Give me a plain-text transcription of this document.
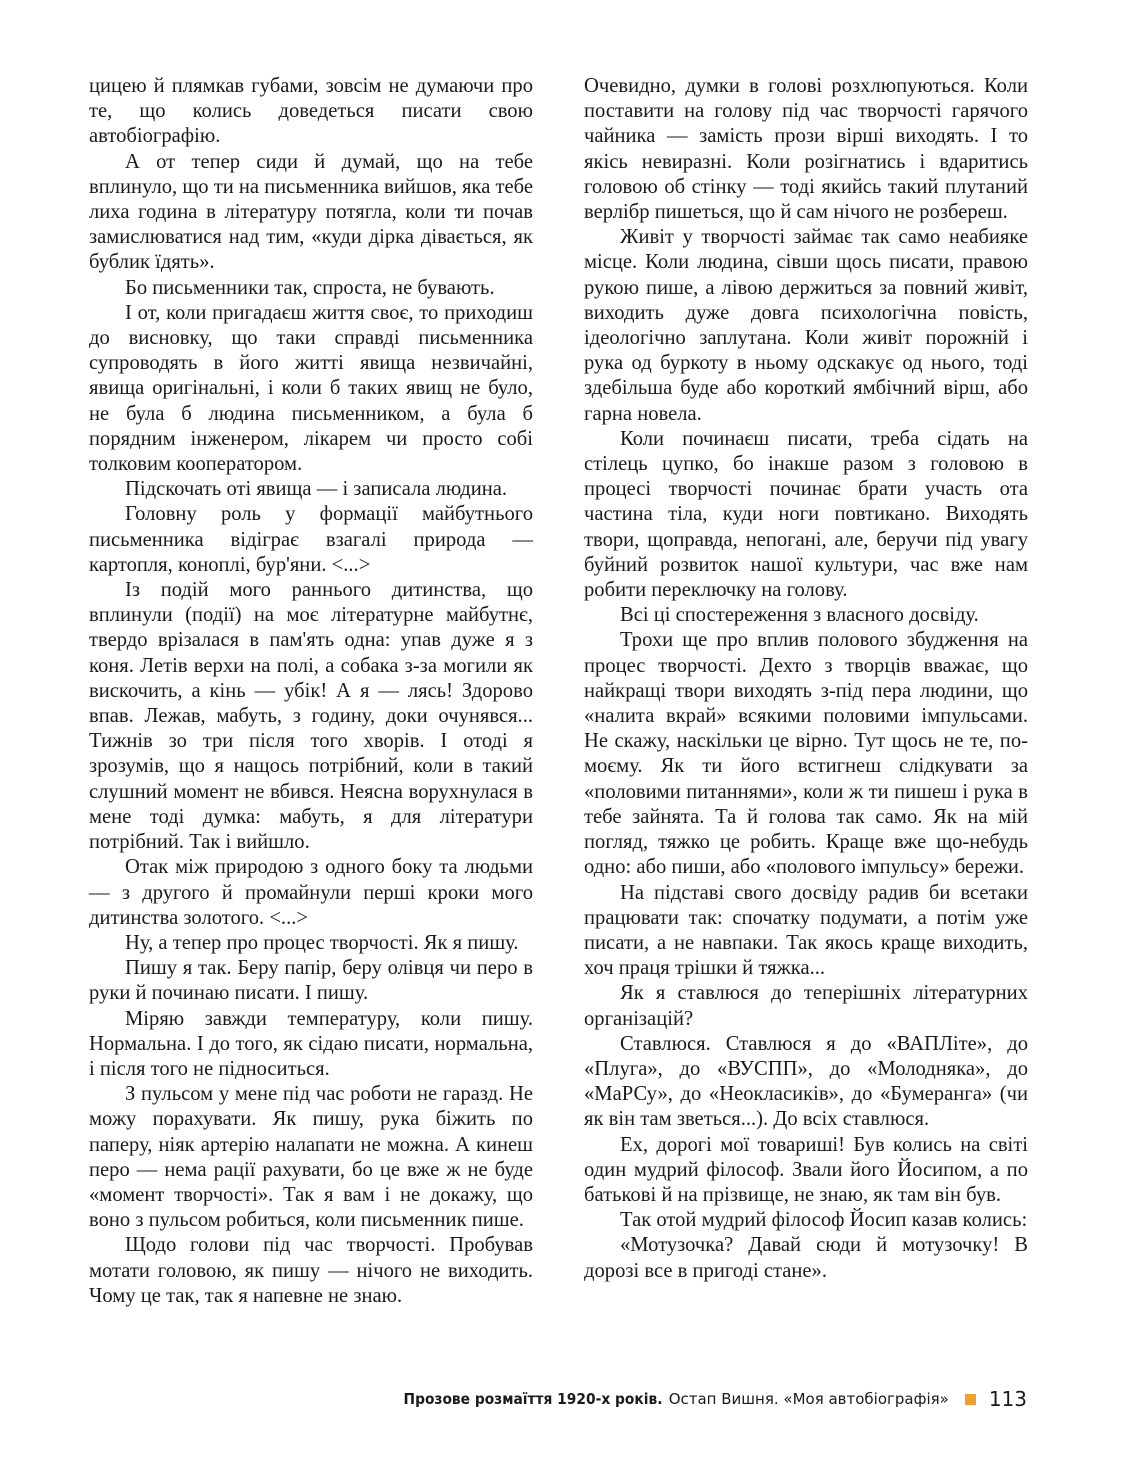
цицею й плямкав губами, зовсім не думаючи про те, що колись доведеться писати свою автобіографію.

А от тепер сиди й думай, що на тебе вплинуло, що ти на письменника вийшов, яка тебе лиха година в літературу потягла, коли ти почав замислюватися над тим, «куди дірка дівається, як бублик їдять».

Бо письменники так, спроста, не бувають.

І от, коли пригадаєш життя своє, то приходиш до висновку, що таки справді письменника супроводять в його житті явища незвичайні, явища оригінальні, і коли б таких явищ не було, не була б людина письменником, а була б порядним інженером, лікарем чи просто собі толковим кооператором.

Підскочать оті явища — і записала людина.

Головну роль у формації майбутнього письменника відіграє взагалі природа — картопля, коноплі, бур'яни. <...>

Із подій мого раннього дитинства, що вплинули (події) на моє літературне майбутнє, твердо врізалася в пам'ять одна: упав дуже я з коня. Летів верхи на полі, а собака з-за могили як вискочить, а кінь — убік! А я — лясь! Здорово впав. Лежав, мабуть, з годину, доки очунявся... Тижнів зо три після того хворів. І отоді я зрозумів, що я нащось потрібний, коли в такий слушний момент не вбився. Неясна ворухнулася в мене тоді думка: мабуть, я для літератури потрібний. Так і вийшло.

Отак між природою з одного боку та людьми — з другого й промайнули перші кроки мого дитинства золотого. <...>

Ну, а тепер про процес творчості. Як я пишу.

Пишу я так. Беру папір, беру олівця чи перо в руки й починаю писати. І пишу.

Міряю завжди температуру, коли пишу. Нормальна. І до того, як сідаю писати, нормальна, і після того не підноситься.

З пульсом у мене під час роботи не гаразд. Не можу порахувати. Як пишу, рука біжить по паперу, ніяк артерію налапати не можна. А кинеш перо — нема рації рахувати, бо це вже ж не буде «момент творчості». Так я вам і не докажу, що воно з пульсом робиться, коли письменник пише.

Щодо голови під час творчості. Пробував мотати головою, як пишу — нічого не виходить. Чому це так, так я напевне не знаю.

Очевидно, думки в голові розхлюпуються. Коли поставити на голову під час творчості гарячого чайника — замість прози вірші виходять. І то якісь невиразні. Коли розігнатись і вдаритись головою об стінку — тоді якийсь такий плутаний верлібр пишеться, що й сам нічого не розбереш.

Живіт у творчості займає так само неабияке місце. Коли людина, сівши щось писати, правою рукою пише, а лівою держиться за повний живіт, виходить дуже довга психологічна повість, ідеологічно заплутана. Коли живіт порожній і рука од буркоту в ньому одскакує од нього, тоді здебільша буде або короткий ямбічний вірш, або гарна новела.

Коли починаєш писати, треба сідать на стілець цупко, бо інакше разом з головою в процесі творчості починає брати участь ота частина тіла, куди ноги повтикано. Виходять твори, щоправда, непогані, але, беручи під увагу буйний розвиток нашої культури, час вже нам робити переключку на голову.

Всі ці спостереження з власного досвіду.

Трохи ще про вплив полового збудження на процес творчості. Дехто з творців вважає, що найкращі твори виходять з-під пера людини, що «налита вкрай» всякими половими імпульсами. Не скажу, наскільки це вірно. Тут щось не те, по-моєму. Як ти його встигнеш слідкувати за «половими питаннями», коли ж ти пишеш і рука в тебе зайнята. Та й голова так само. Як на мій погляд, тяжко це робить. Краще вже що-небудь одно: або пиши, або «полового імпульсу» бережи.

На підставі свого досвіду радив би всетаки працювати так: спочатку подумати, а потім уже писати, а не навпаки. Так якось краще виходить, хоч праця трішки й тяжка...

Як я ставлюся до теперішніх літературних організацій?

Ставлюся. Ставлюся я до «ВАПЛіте», до «Плуга», до «ВУСПП», до «Молодняка», до «МаРСу», до «Неокласиків», до «Бумеранга» (чи як він там зветься...). До всіх ставлюся.

Ех, дорогі мої товариші! Був колись на світі один мудрий філософ. Звали його Йосипом, а по батькові й на прізвище, не знаю, як там він був.

Так отой мудрий філософ Йосип казав колись:

«Мотузочка? Давай сюди й мотузочку! В дорозі все в пригоді стане».

Прозове розмаїття 1920-х років. Остап Вишня. «Моя автобіографія» 113
